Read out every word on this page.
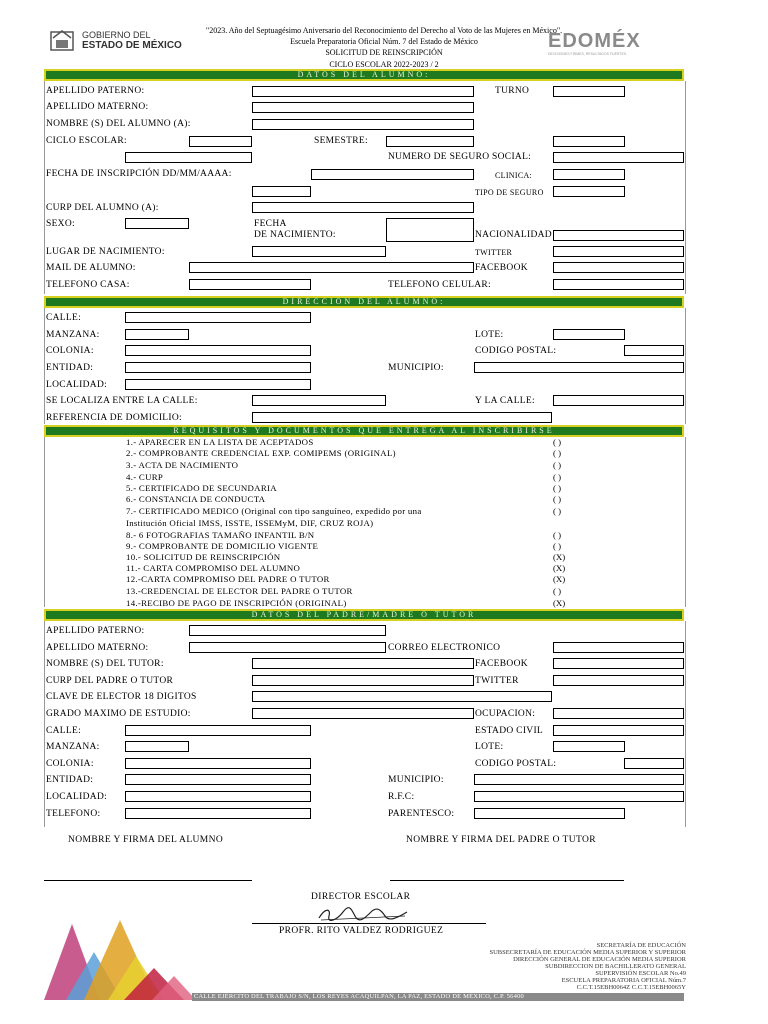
GOBIERNO DEL
ESTADO DE MÉXICO
"2023. Año del Septuagésimo Aniversario del Reconocimiento del Derecho al Voto de las Mujeres en México".
Escuela Preparatoria Oficial Núm. 7 del Estado de México
SOLICITUD DE REINSCRIPCIÓN
CICLO ESCOLAR 2022-2023 / 2
EDOMÉX
DECISIONES FIRMES, RESULTADOS FUERTES.
DATOS DEL ALUMNO:
APELLIDO PATERNO:	TURNO
APELLIDO MATERNO:
NOMBRE (S) DEL ALUMNO (A):
CICLO ESCOLAR:	SEMESTRE:
NUMERO DE SEGURO SOCIAL:
FECHA DE INSCRIPCIÓN DD/MM/AAAA:	CLINICA:
TIPO DE SEGURO
CURP DEL ALUMNO (A):
SEXO:	FECHA
DE NACIMIENTO:	NACIONALIDAD
LUGAR DE NACIMIENTO:	TWITTER
MAIL DE ALUMNO:	FACEBOOK
TELEFONO CASA:	TELEFONO CELULAR:
DIRECCION DEL ALUMNO:
CALLE:
MANZANA:	LOTE:
COLONIA:	CODIGO POSTAL:
ENTIDAD:	MUNICIPIO:
LOCALIDAD:
SE LOCALIZA ENTRE LA CALLE:	Y LA CALLE:
REFERENCIA DE DOMICILIO:
REQUISITOS Y DOCUMENTOS QUE ENTREGA AL INSCRIBIRSE
1.- APARECER EN LA LISTA DE ACEPTADOS	( )
2.- COMPROBANTE CREDENCIAL EXP. COMIPEMS (ORIGINAL)	( )
3.- ACTA DE NACIMIENTO	( )
4.- CURP	( )
5.- CERTIFICADO DE SECUNDARIA	( )
6.- CONSTANCIA DE CONDUCTA	( )
7.- CERTIFICADO MEDICO (Original con tipo sanguíneo, expedido por una	( )
Institución Oficial IMSS, ISSTE, ISSEMyM, DIF, CRUZ ROJA)
8.- 6 FOTOGRAFIAS TAMAÑO INFANTIL B/N	( )
9.- COMPROBANTE DE DOMICILIO VIGENTE	( )
10.- SOLICITUD DE REINSCRIPCIÓN	(X)
11.- CARTA COMPROMISO DEL ALUMNO	(X)
12.-CARTA COMPROMISO DEL PADRE O TUTOR	(X)
13.-CREDENCIAL DE ELECTOR DEL PADRE O TUTOR	( )
14.-RECIBO DE PAGO DE INSCRIPCIÓN (ORIGINAL)	(X)
DATOS DEL PADRE/MADRE O TUTOR
APELLIDO PATERNO:
APELLIDO MATERNO:	CORREO ELECTRONICO
NOMBRE (S) DEL TUTOR:	FACEBOOK
CURP DEL PADRE O TUTOR	TWITTER
CLAVE DE ELECTOR 18 DIGITOS
GRADO MAXIMO DE ESTUDIO:	OCUPACION:
CALLE:	ESTADO CIVIL
MANZANA:	LOTE:
COLONIA:	CODIGO POSTAL:
ENTIDAD:	MUNICIPIO:
LOCALIDAD:	R.F.C:
TELEFONO:	PARENTESCO:
NOMBRE Y FIRMA DEL ALUMNO	NOMBRE Y FIRMA DEL PADRE O TUTOR
DIRECTOR ESCOLAR
PROFR. RITO VALDEZ RODRIGUEZ
SECRETARÍA DE EDUCACIÓN
SUBSECRETARÍA DE EDUCACIÓN MEDIA SUPERIOR Y SUPERIOR
DIRECCIÓN GENERAL DE EDUCACIÓN MEDIA SUPERIOR
SUBDIRECCION DE BACHILLERATO GENERAL
SUPERVISIÓN ESCOLAR No.49
ESCUELA PREPARATORIA OFICIAL Núm.7
C.C.T.15EBH0064Z C.C.T.15EBH0065Y
CALLE EJÉRCITO DEL TRABAJO S/N, LOS REYES ACAQUILPAN, LA PAZ, ESTADO DE MÉXICO, C.P. 56400
